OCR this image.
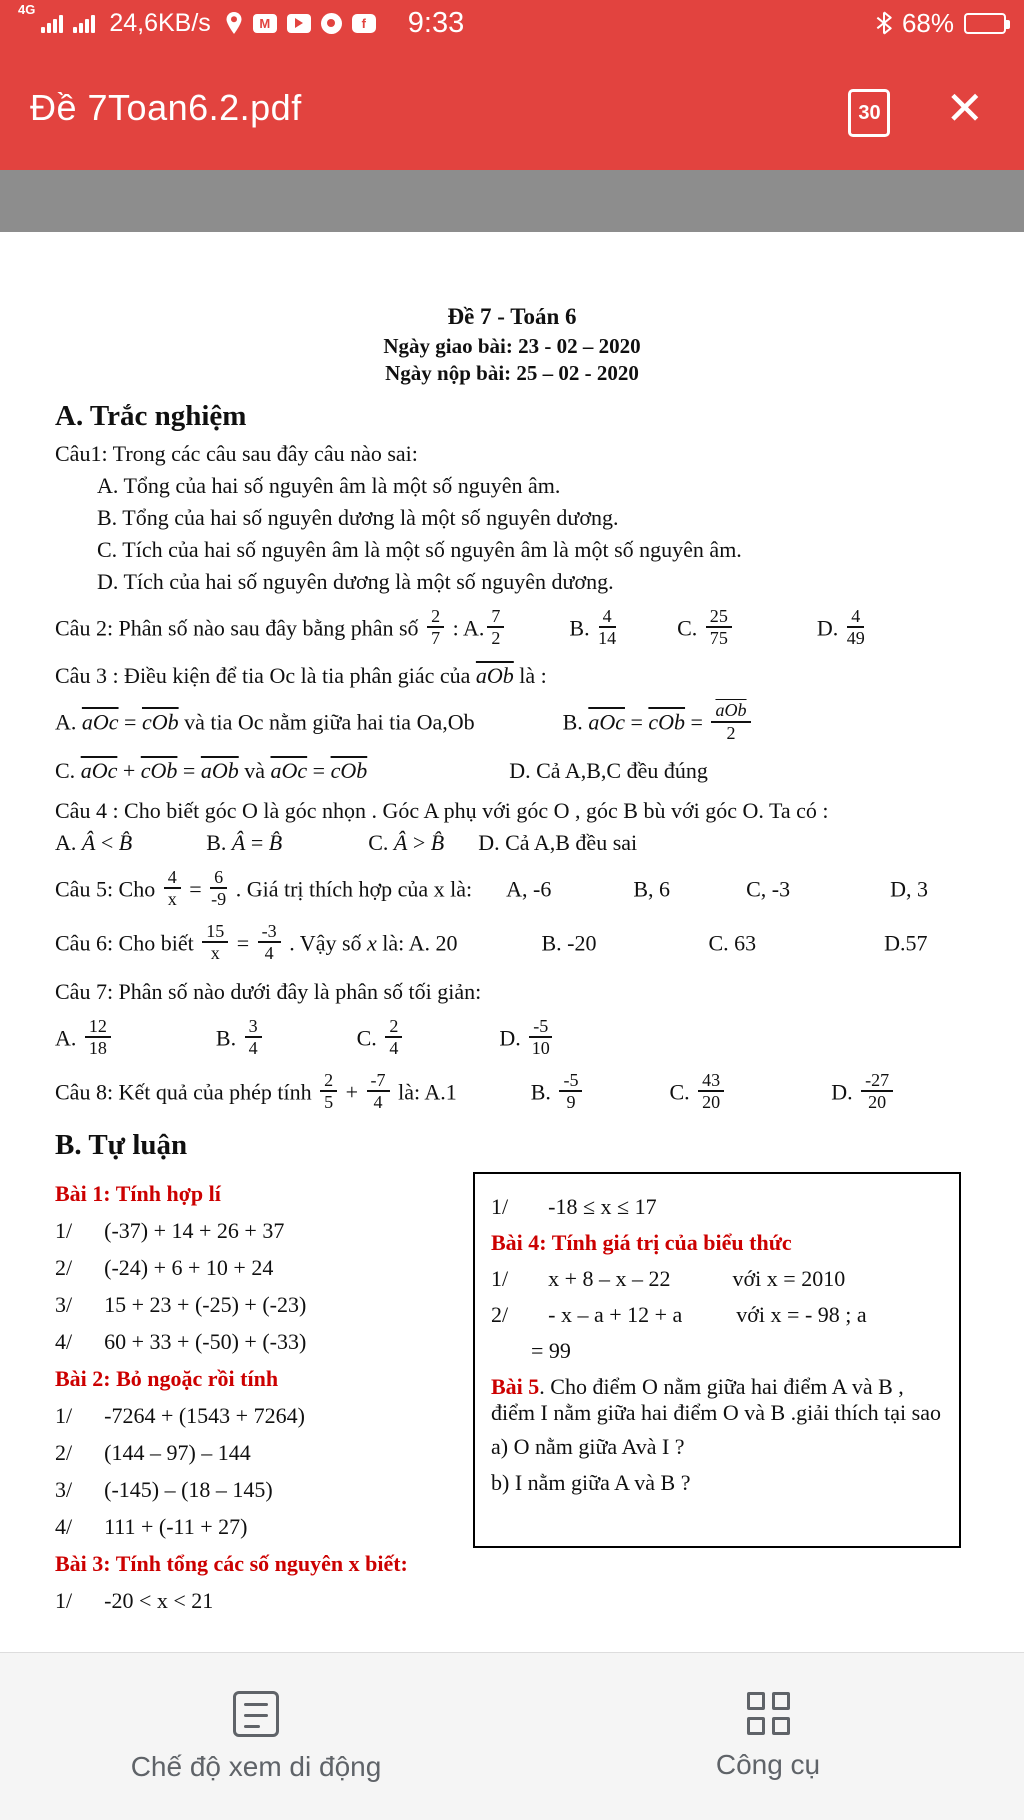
4G	24,6KB/s	M	f	9:33	68%
Đề 7Toan6.2.pdf	30 ✕
Đề 7 - Toán 6
Ngày giao bài: 23 - 02 – 2020
Ngày nộp bài: 25 – 02 - 2020
A. Trắc nghiệm
Câu1: Trong các câu sau đây câu nào sai:
A. Tổng của hai số nguyên âm là một số nguyên âm.
B. Tổng của hai số nguyên dương là một số nguyên dương.
C. Tích của hai số nguyên âm là một số nguyên âm là một số nguyên âm.
D. Tích của hai số nguyên dương là một số nguyên dương.
Câu 2: Phân số nào sau đây bằng phân số $\frac{2}{7}$ : A. $\frac{7}{2}$	B. $\frac{4}{14}$	C. $\frac{25}{75}$	D. $\frac{4}{49}$
Câu 3 : Điều kiện để tia Oc là tia phân giác của $\overline{aOb}$ là :
A. $\overline{aOc} = \overline{cOb}$ và tia Oc nằm giữa hai tia Oa,Ob	B. $\overline{aOc} = \overline{cOb} = \overline{aOb}$
2
C. $\overline{aOc} + \overline{cOb} = \overline{aOb}$ và $\overline{aOc} = \overline{cOb}$	D. Cả A,B,C đều đúng
Câu 4 : Cho biết góc O là góc nhọn . Góc A phụ với góc O , góc B bù với góc O. Ta có :
A. Â < B̂	B. Â = B̂	C. Â > B̂ D. Cả A,B đều sai
Câu 5: Cho $\frac{4}{x} = \frac{6}{-9}$ . Giá trị thích hợp của x là: A, -6	B, 6	C, -3	D, 3
Câu 6: Cho biết $\frac{15}{x} = \frac{-3}{4}$ . Vậy số x là: A. 20	B. -20	C. 63	D.57
Câu 7: Phân số nào dưới đây là phân số tối giản:
A. $\frac{12}{18}$	B. $\frac{3}{4}$	C. $\frac{2}{4}$	D. $\frac{-5}{10}$
Câu 8: Kết quả của phép tính $\frac{2}{5} + \frac{-7}{4}$ là: A.1	B. $\frac{-5}{9}$	C. $\frac{43}{20}$	D. $\frac{-27}{20}$
B. Tự luận
Bài 1: Tính hợp lí
1/ (-37) + 14 + 26 + 37
2/ (-24) + 6 + 10 + 24
3/ 15 + 23 + (-25) + (-23)
4/ 60 + 33 + (-50) + (-33)
Bài 2: Bỏ ngoặc rồi tính
1/ -7264 + (1543 + 7264)
2/ (144 – 97) – 144
3/ (-145) – (18 – 145)
4/ 111 + (-11 + 27)
Bài 3: Tính tổng các số nguyên x biết:
1/ -20 < x < 21
1/ -18 ≤ x ≤ 17
Bài 4: Tính giá trị của biểu thức
1/ x + 8 – x – 22	với x = 2010
2/ - x – a + 12 + a với x = - 98 ; a
= 99
Bài 5. Cho điểm O nằm giữa hai điểm A và B , điểm I nằm giữa hai điểm O và B .giải thích tại sao
a) O nằm giữa Avà I ?
b) I nằm giữa A và B ?
Chế độ xem di động	Công cụ
